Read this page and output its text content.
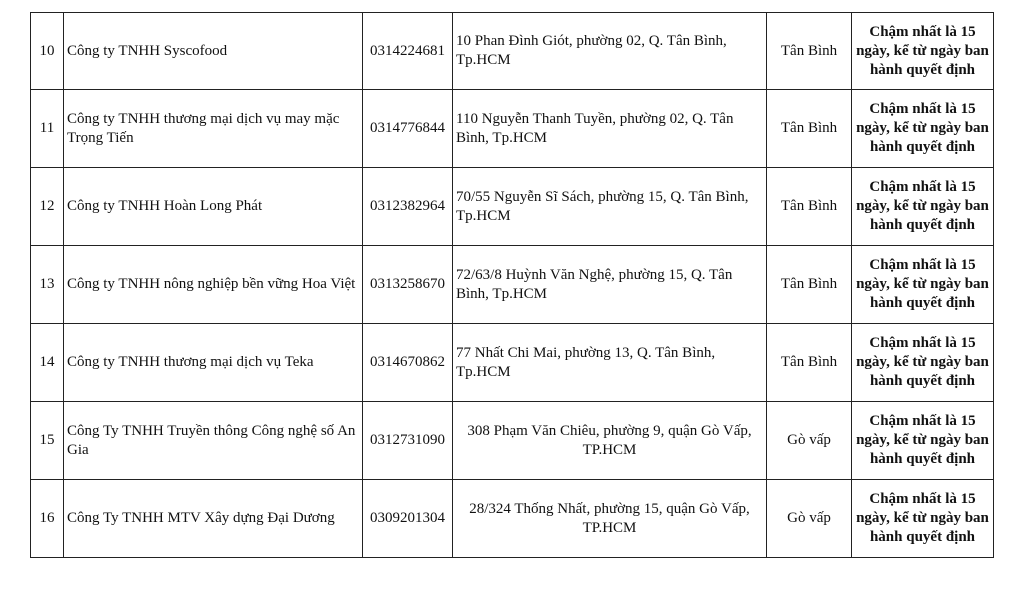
10	Công ty TNHH Syscofood	0314224681	10 Phan Đình Giót, phường 02, Q. Tân Bình, Tp.HCM	Tân Bình	Chậm nhất là 15 ngày, kể từ ngày ban hành quyết định
11	Công ty TNHH thương mại dịch vụ may mặc Trọng Tiến	0314776844	110 Nguyễn Thanh Tuyền, phường 02, Q. Tân Bình, Tp.HCM	Tân Bình	Chậm nhất là 15 ngày, kể từ ngày ban hành quyết định
12	Công ty TNHH Hoàn Long Phát	0312382964	70/55 Nguyễn Sĩ Sách, phường 15, Q. Tân Bình, Tp.HCM	Tân Bình	Chậm nhất là 15 ngày, kể từ ngày ban hành quyết định
13	Công ty TNHH nông nghiệp bền vững Hoa Việt	0313258670	72/63/8 Huỳnh Văn Nghệ, phường 15, Q. Tân Bình, Tp.HCM	Tân Bình	Chậm nhất là 15 ngày, kể từ ngày ban hành quyết định
14	Công ty TNHH thương mại dịch vụ Teka	0314670862	77 Nhất Chi Mai, phường 13, Q. Tân Bình, Tp.HCM	Tân Bình	Chậm nhất là 15 ngày, kể từ ngày ban hành quyết định
15	Công Ty TNHH Truyền thông Công nghệ số An Gia	0312731090	308 Phạm Văn Chiêu, phường 9, quận Gò Vấp, TP.HCM	Gò vấp	Chậm nhất là 15 ngày, kể từ ngày ban hành quyết định
16	Công Ty TNHH MTV Xây dựng Đại Dương	0309201304	28/324 Thống Nhất, phường 15, quận Gò Vấp, TP.HCM	Gò vấp	Chậm nhất là 15 ngày, kể từ ngày ban hành quyết định
